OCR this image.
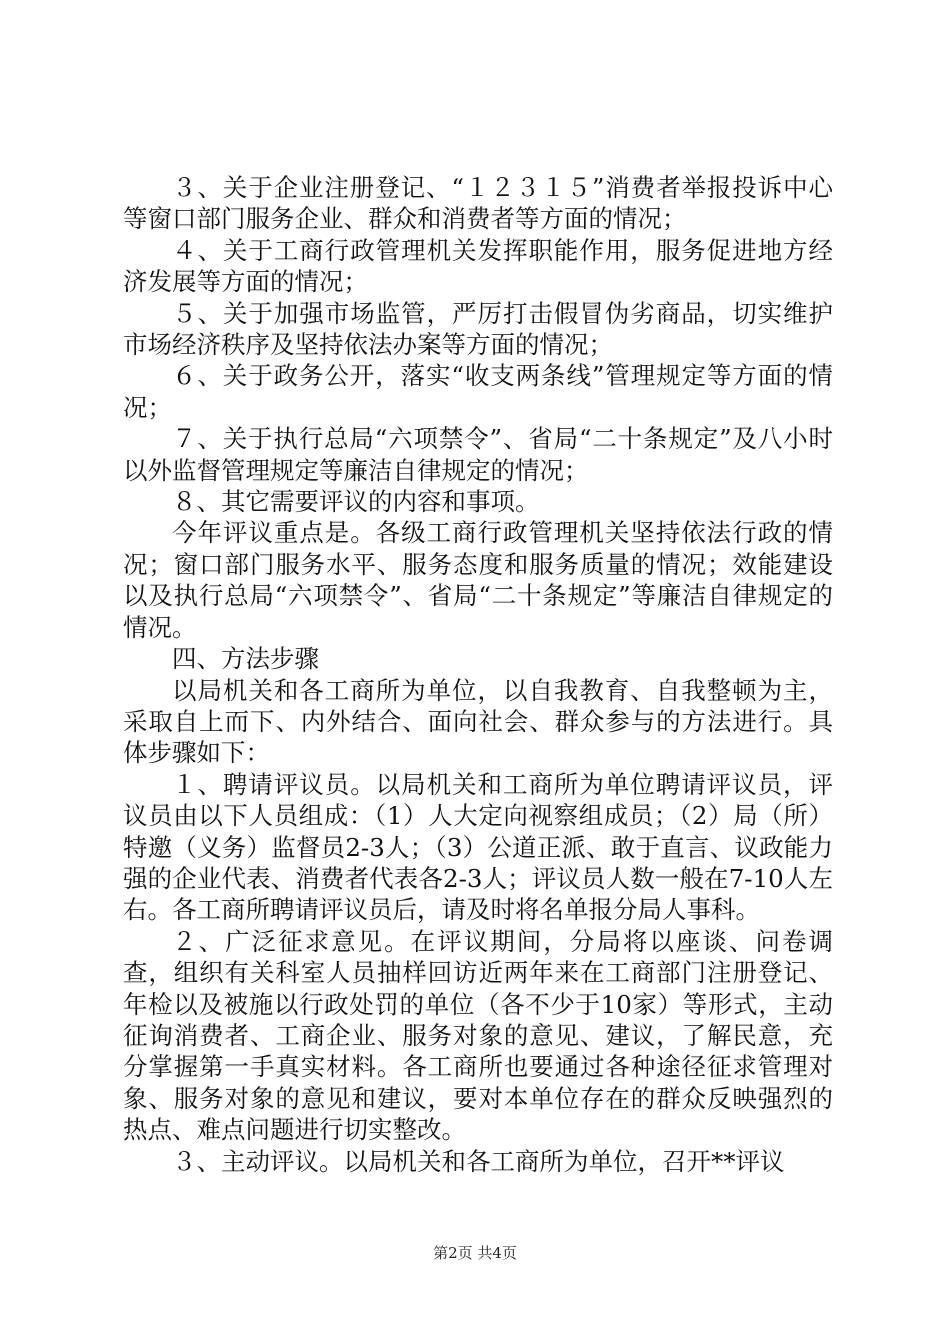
３、关于企业注册登记、“１２３１５”消费者举报投诉中心等窗口部门服务企业、群众和消费者等方面的情况；

４、关于工商行政管理机关发挥职能作用，服务促进地方经济发展等方面的情况；

５、关于加强市场监管，严厉打击假冒伪劣商品，切实维护市场经济秩序及坚持依法办案等方面的情况；

６、关于政务公开，落实“收支两条线”管理规定等方面的情况；

７、关于执行总局“六项禁令”、省局“二十条规定”及八小时以外监督管理规定等廉洁自律规定的情况；

８、其它需要评议的内容和事项。

今年评议重点是。各级工商行政管理机关坚持依法行政的情况；窗口部门服务水平、服务态度和服务质量的情况；效能建设以及执行总局“六项禁令”、省局“二十条规定”等廉洁自律规定的情况。

四、方法步骤

以局机关和各工商所为单位，以自我教育、自我整顿为主，采取自上而下、内外结合、面向社会、群众参与的方法进行。具体步骤如下：

１、聘请评议员。以局机关和工商所为单位聘请评议员，评议员由以下人员组成：（1）人大定向视察组成员；（2）局（所）特邀（义务）监督员2-3人；（3）公道正派、敢于直言、议政能力强的企业代表、消费者代表各2-3人；评议员人数一般在7-10人左右。各工商所聘请评议员后，请及时将名单报分局人事科。

２、广泛征求意见。在评议期间，分局将以座谈、问卷调查，组织有关科室人员抽样回访近两年来在工商部门注册登记、年检以及被施以行政处罚的单位（各不少于10家）等形式，主动征询消费者、工商企业、服务对象的意见、建议，了解民意，充分掌握第一手真实材料。各工商所也要通过各种途径征求管理对象、服务对象的意见和建议，要对本单位存在的群众反映强烈的热点、难点问题进行切实整改。

３、主动评议。以局机关和各工商所为单位，召开**评议

第2页 共4页
